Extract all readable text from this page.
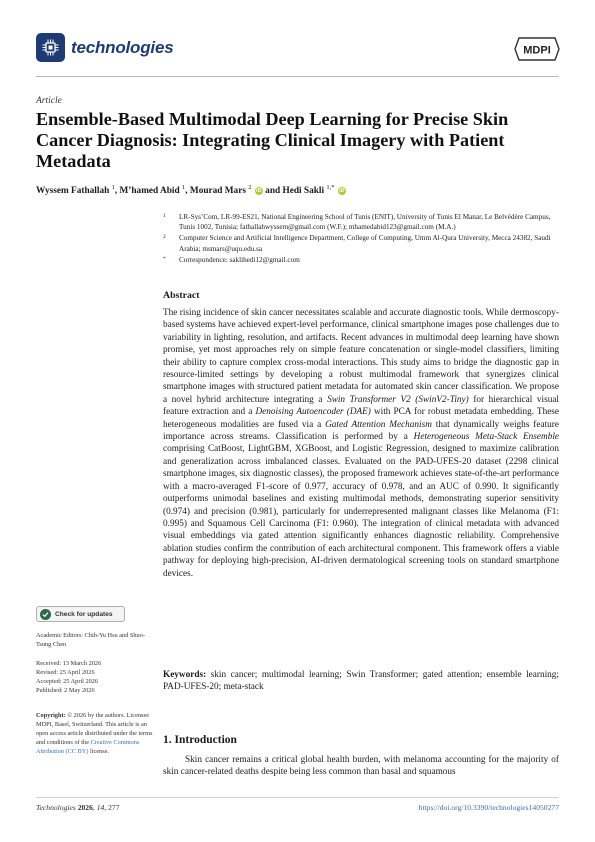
technologies	MDPI
Article
Ensemble-Based Multimodal Deep Learning for Precise Skin Cancer Diagnosis: Integrating Clinical Imagery with Patient Metadata
Wyssem Fathallah $^1$, M’hamed Abid $^1$, Mourad Mars $^2$ iD and Hedi Sakli $^{1,*}$ iD
1	LR-Sys’Com, LR-99-ES21, National Engineering School of Tunis (ENIT), University of Tunis El Manar, Le Belvédère Campus, Tunis 1002, Tunisia; fathallahwyssem@gmail.com (W.F.); mhamedabid123@gmail.com (M.A.)
2	Computer Science and Artificial Intelligence Department, College of Computing, Umm Al-Qura University, Mecca 24382, Saudi Arabia; msmars@uqu.edu.sa
*	Correspondence: saklihedi12@gmail.com
Abstract

The rising incidence of skin cancer necessitates scalable and accurate diagnostic tools. While dermoscopy-based systems have achieved expert-level performance, clinical smartphone images pose challenges due to variability in lighting, resolution, and artifacts. Recent advances in multimodal deep learning have shown promise, yet most approaches rely on simple feature concatenation or single-model classifiers, limiting their ability to capture complex cross-modal interactions. This study aims to bridge the diagnostic gap in resource-limited settings by developing a robust multimodal framework that synergizes clinical smartphone images with structured patient metadata for automated skin cancer classification. We propose a novel hybrid architecture integrating a Swin Transformer V2 (SwinV2-Tiny) for hierarchical visual feature extraction and a Denoising Autoencoder (DAE) with PCA for robust metadata embedding. These heterogeneous modalities are fused via a Gated Attention Mechanism that dynamically weighs feature importance across streams. Classification is performed by a Heterogeneous Meta-Stack Ensemble comprising CatBoost, LightGBM, XGBoost, and Logistic Regression, designed to maximize calibration and generalization across imbalanced classes. Evaluated on the PAD-UFES-20 dataset (2298 clinical smartphone images, six diagnostic classes), the proposed framework achieves state-of-the-art performance with a macro-averaged F1-score of 0.977, accuracy of 0.978, and an AUC of 0.990. It significantly outperforms unimodal baselines and existing multimodal methods, demonstrating superior sensitivity (0.974) and precision (0.981), particularly for underrepresented malignant classes like Melanoma (F1: 0.995) and Squamous Cell Carcinoma (F1: 0.960). The integration of clinical metadata with advanced visual embeddings via gated attention significantly enhances diagnostic reliability. Comprehensive ablation studies confirm the contribution of each architectural component. This framework offers a viable pathway for deploying high-precision, AI-driven dermatological screening tools on standard smartphone devices.

Keywords: skin cancer; multimodal learning; Swin Transformer; gated attention; ensemble learning; PAD-UFES-20; meta-stack

1. Introduction

Skin cancer remains a critical global health burden, with melanoma accounting for the majority of skin cancer-related deaths despite being less common than basal and squamous

Check for updates
Academic Editors: Chih-Yu Hsu and Shuo-Tsung Chen
Received: 13 March 2026
Revised: 25 April 2026
Accepted: 25 April 2026
Published: 2 May 2026
Copyright: © 2026 by the authors. Licensee MDPI, Basel, Switzerland. This article is an open access article distributed under the terms and conditions of the Creative Commons Attribution (CC BY) license.
Technologies 2026, 14, 277	https://doi.org/10.3390/technologies14050277
